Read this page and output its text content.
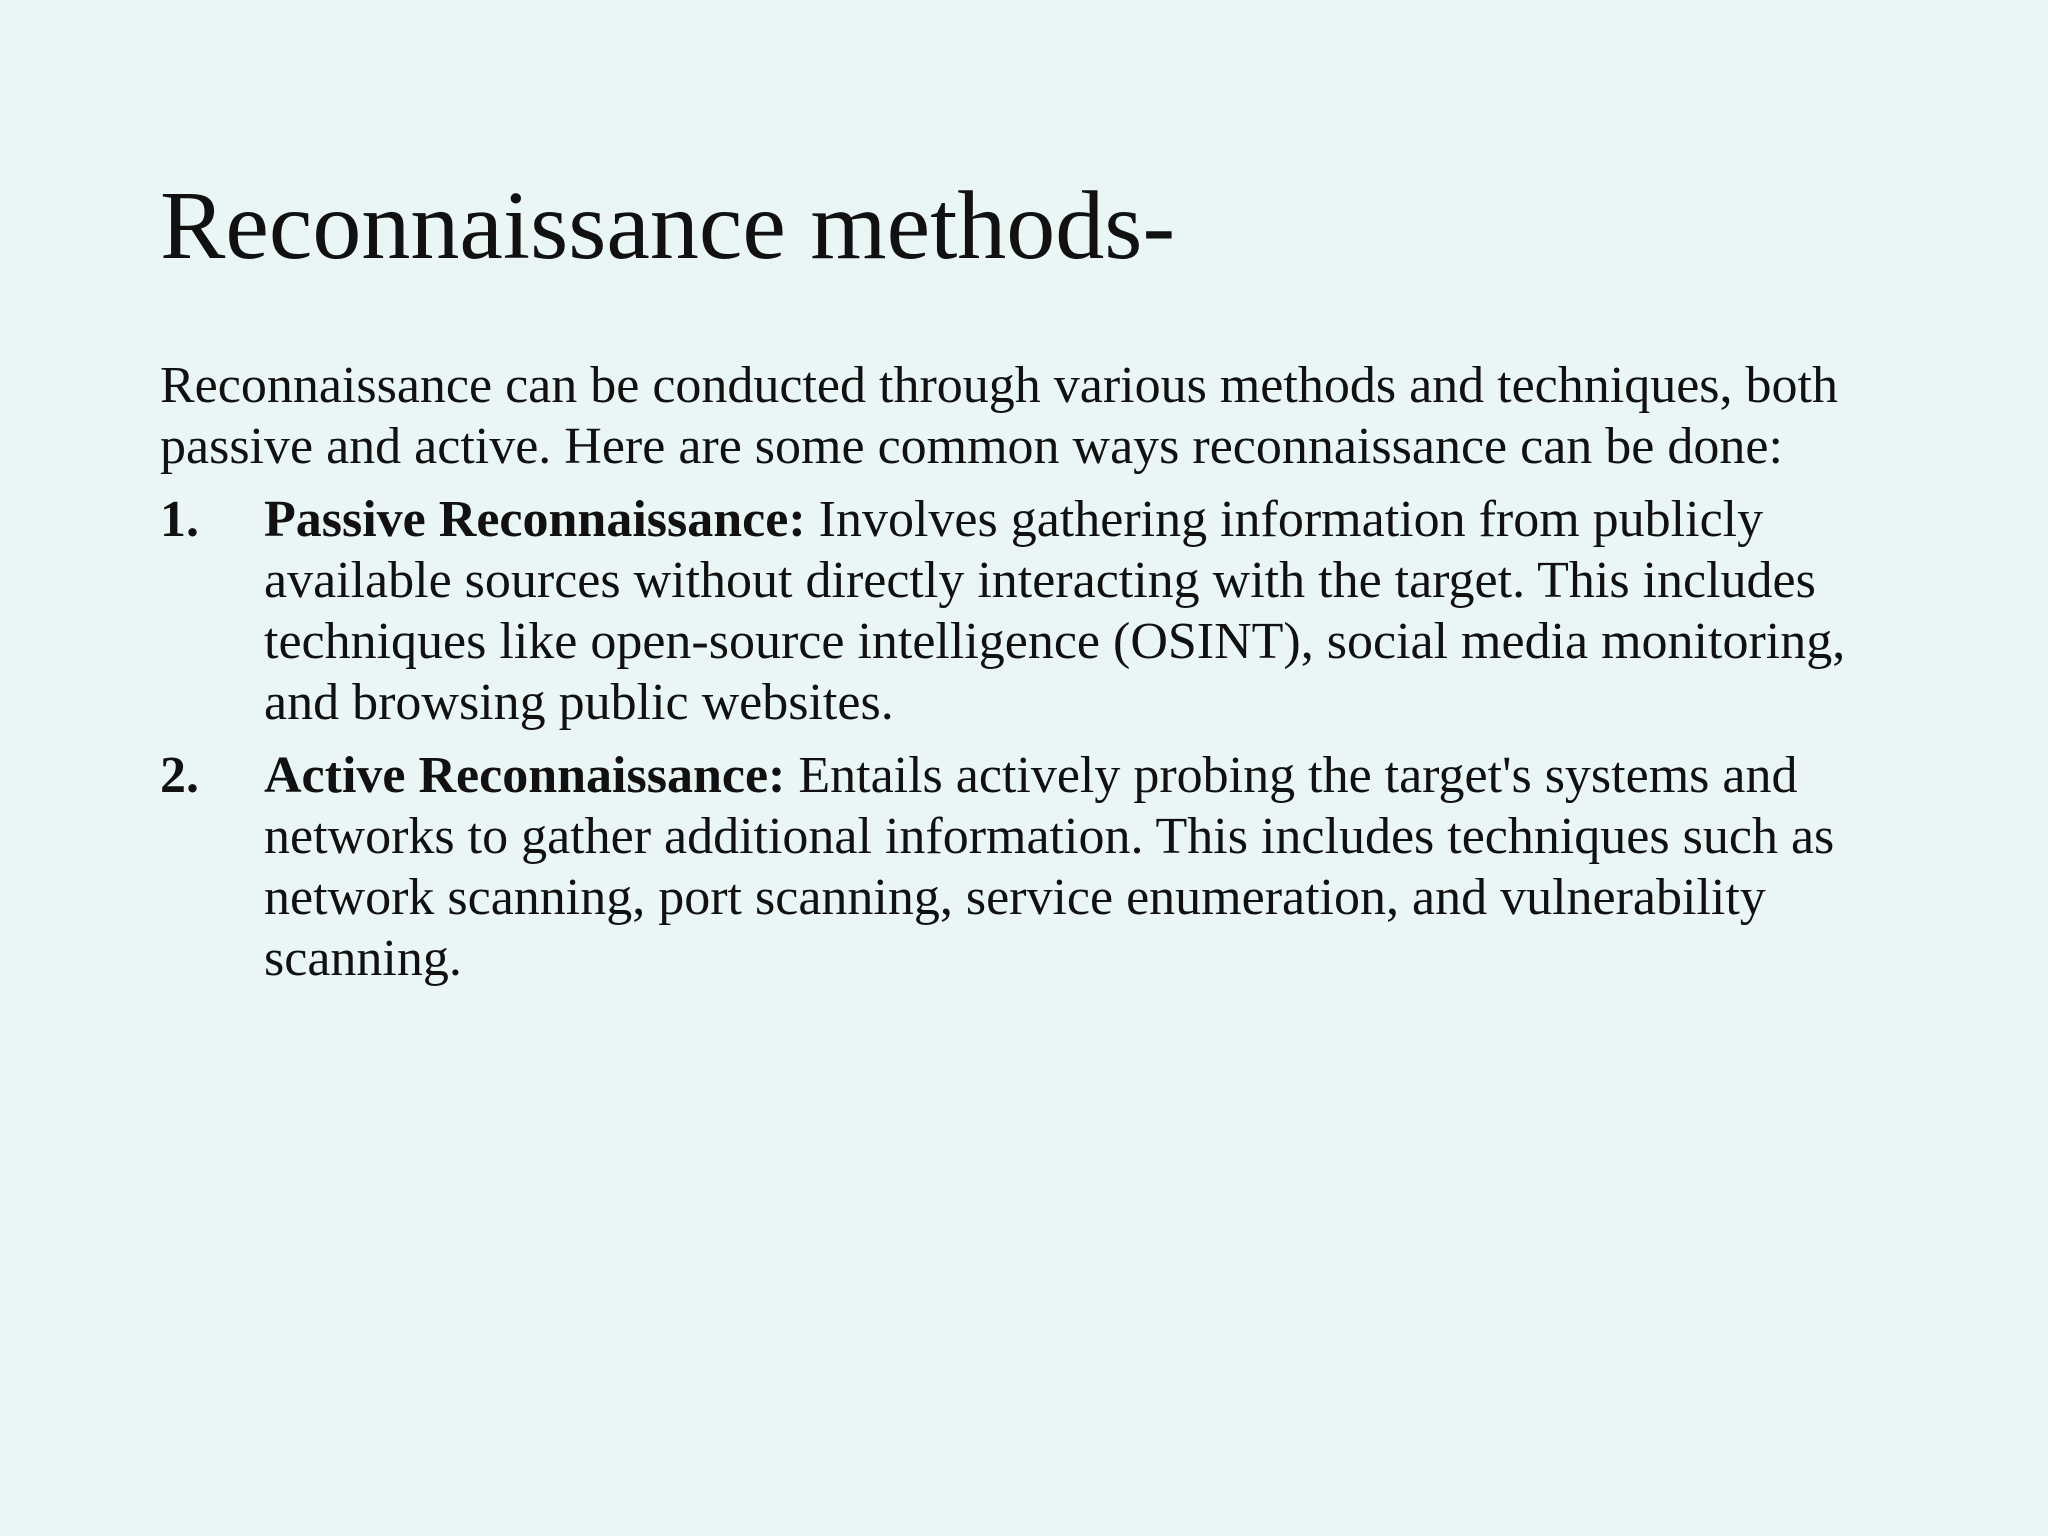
Reconnaissance methods-

Reconnaissance can be conducted through various methods and techniques, both passive and active. Here are some common ways reconnaissance can be done:

1. Passive Reconnaissance: Involves gathering information from publicly available sources without directly interacting with the target. This includes techniques like open-source intelligence (OSINT), social media monitoring, and browsing public websites.
2. Active Reconnaissance: Entails actively probing the target's systems and networks to gather additional information. This includes techniques such as network scanning, port scanning, service enumeration, and vulnerability scanning.
